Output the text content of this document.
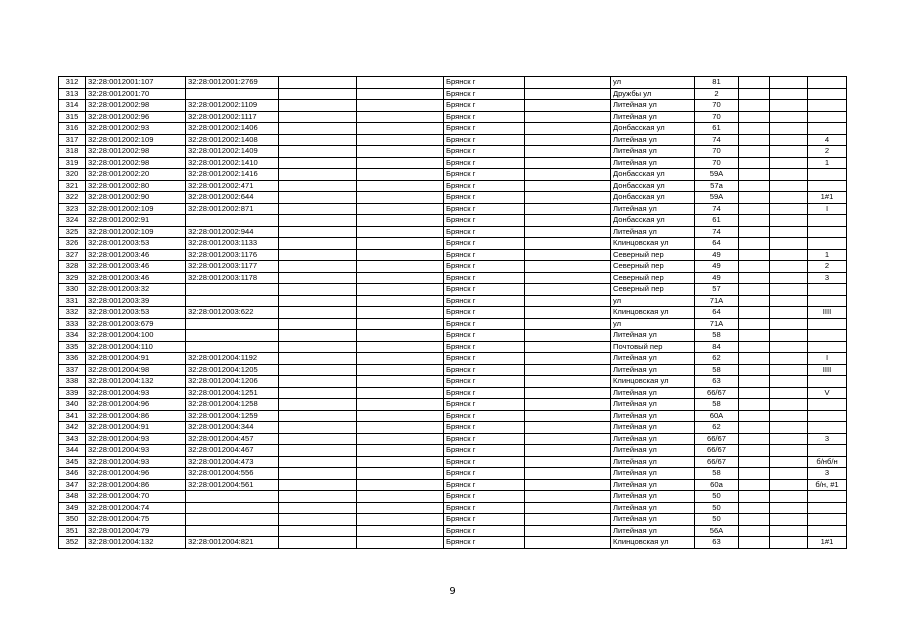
312	32:28:0012001:107	32:28:0012001:2769			Брянск г		ул	81			
313	32:28:0012001:70				Брянск г		Дружбы ул	2			
314	32:28:0012002:98	32:28:0012002:1109			Брянск г		Литейная ул	70			
315	32:28:0012002:96	32:28:0012002:1117			Брянск г		Литейная ул	70			
316	32:28:0012002:93	32:28:0012002:1406			Брянск г		Донбасская ул	61			
317	32:28:0012002:109	32:28:0012002:1408			Брянск г		Литейная ул	74			4
318	32:28:0012002:98	32:28:0012002:1409			Брянск г		Литейная ул	70			2
319	32:28:0012002:98	32:28:0012002:1410			Брянск г		Литейная ул	70			1
320	32:28:0012002:20	32:28:0012002:1416			Брянск г		Донбасская ул	59А			
321	32:28:0012002:80	32:28:0012002:471			Брянск г		Донбасская ул	57а			
322	32:28:0012002:90	32:28:0012002:644			Брянск г		Донбасская ул	59А			1#1
323	32:28:0012002:109	32:28:0012002:871			Брянск г		Литейная ул	74			I
324	32:28:0012002:91				Брянск г		Донбасская ул	61			
325	32:28:0012002:109	32:28:0012002:944			Брянск г		Литейная ул	74			
326	32:28:0012003:53	32:28:0012003:1133			Брянск г		Клинцовская ул	64			
327	32:28:0012003:46	32:28:0012003:1176			Брянск г		Северный пер	49			1
328	32:28:0012003:46	32:28:0012003:1177			Брянск г		Северный пер	49			2
329	32:28:0012003:46	32:28:0012003:1178			Брянск г		Северный пер	49			3
330	32:28:0012003:32				Брянск г		Северный пер	57			
331	32:28:0012003:39				Брянск г		ул	71А			
332	32:28:0012003:53	32:28:0012003:622			Брянск г		Клинцовская ул	64			IIII
333	32:28:0012003:679				Брянск г		ул	71А			
334	32:28:0012004:100				Брянск г		Литейная ул	58			
335	32:28:0012004:110				Брянск г		Почтовый пер	84			
336	32:28:0012004:91	32:28:0012004:1192			Брянск г		Литейная ул	62			I
337	32:28:0012004:98	32:28:0012004:1205			Брянск г		Литейная ул	58			IIII
338	32:28:0012004:132	32:28:0012004:1206			Брянск г		Клинцовская ул	63			
339	32:28:0012004:93	32:28:0012004:1251			Брянск г		Литейная ул	66/67			V
340	32:28:0012004:96	32:28:0012004:1258			Брянск г		Литейная ул	58			
341	32:28:0012004:86	32:28:0012004:1259			Брянск г		Литейная ул	60А			
342	32:28:0012004:91	32:28:0012004:344			Брянск г		Литейная ул	62			
343	32:28:0012004:93	32:28:0012004:457			Брянск г		Литейная ул	66/67			3
344	32:28:0012004:93	32:28:0012004:467			Брянск г		Литейная ул	66/67			
345	32:28:0012004:93	32:28:0012004:473			Брянск г		Литейная ул	66/67			б/нб/н
346	32:28:0012004:96	32:28:0012004:556			Брянск г		Литейная ул	58			3
347	32:28:0012004:86	32:28:0012004:561			Брянск г		Литейная ул	60а			б/н, #1
348	32:28:0012004:70				Брянск г		Литейная ул	50			
349	32:28:0012004:74				Брянск г		Литейная ул	50			
350	32:28:0012004:75				Брянск г		Литейная ул	50			
351	32:28:0012004:79				Брянск г		Литейная ул	56А			
352	32:28:0012004:132	32:28:0012004:821			Брянск г		Клинцовская ул	63			1#1
9
